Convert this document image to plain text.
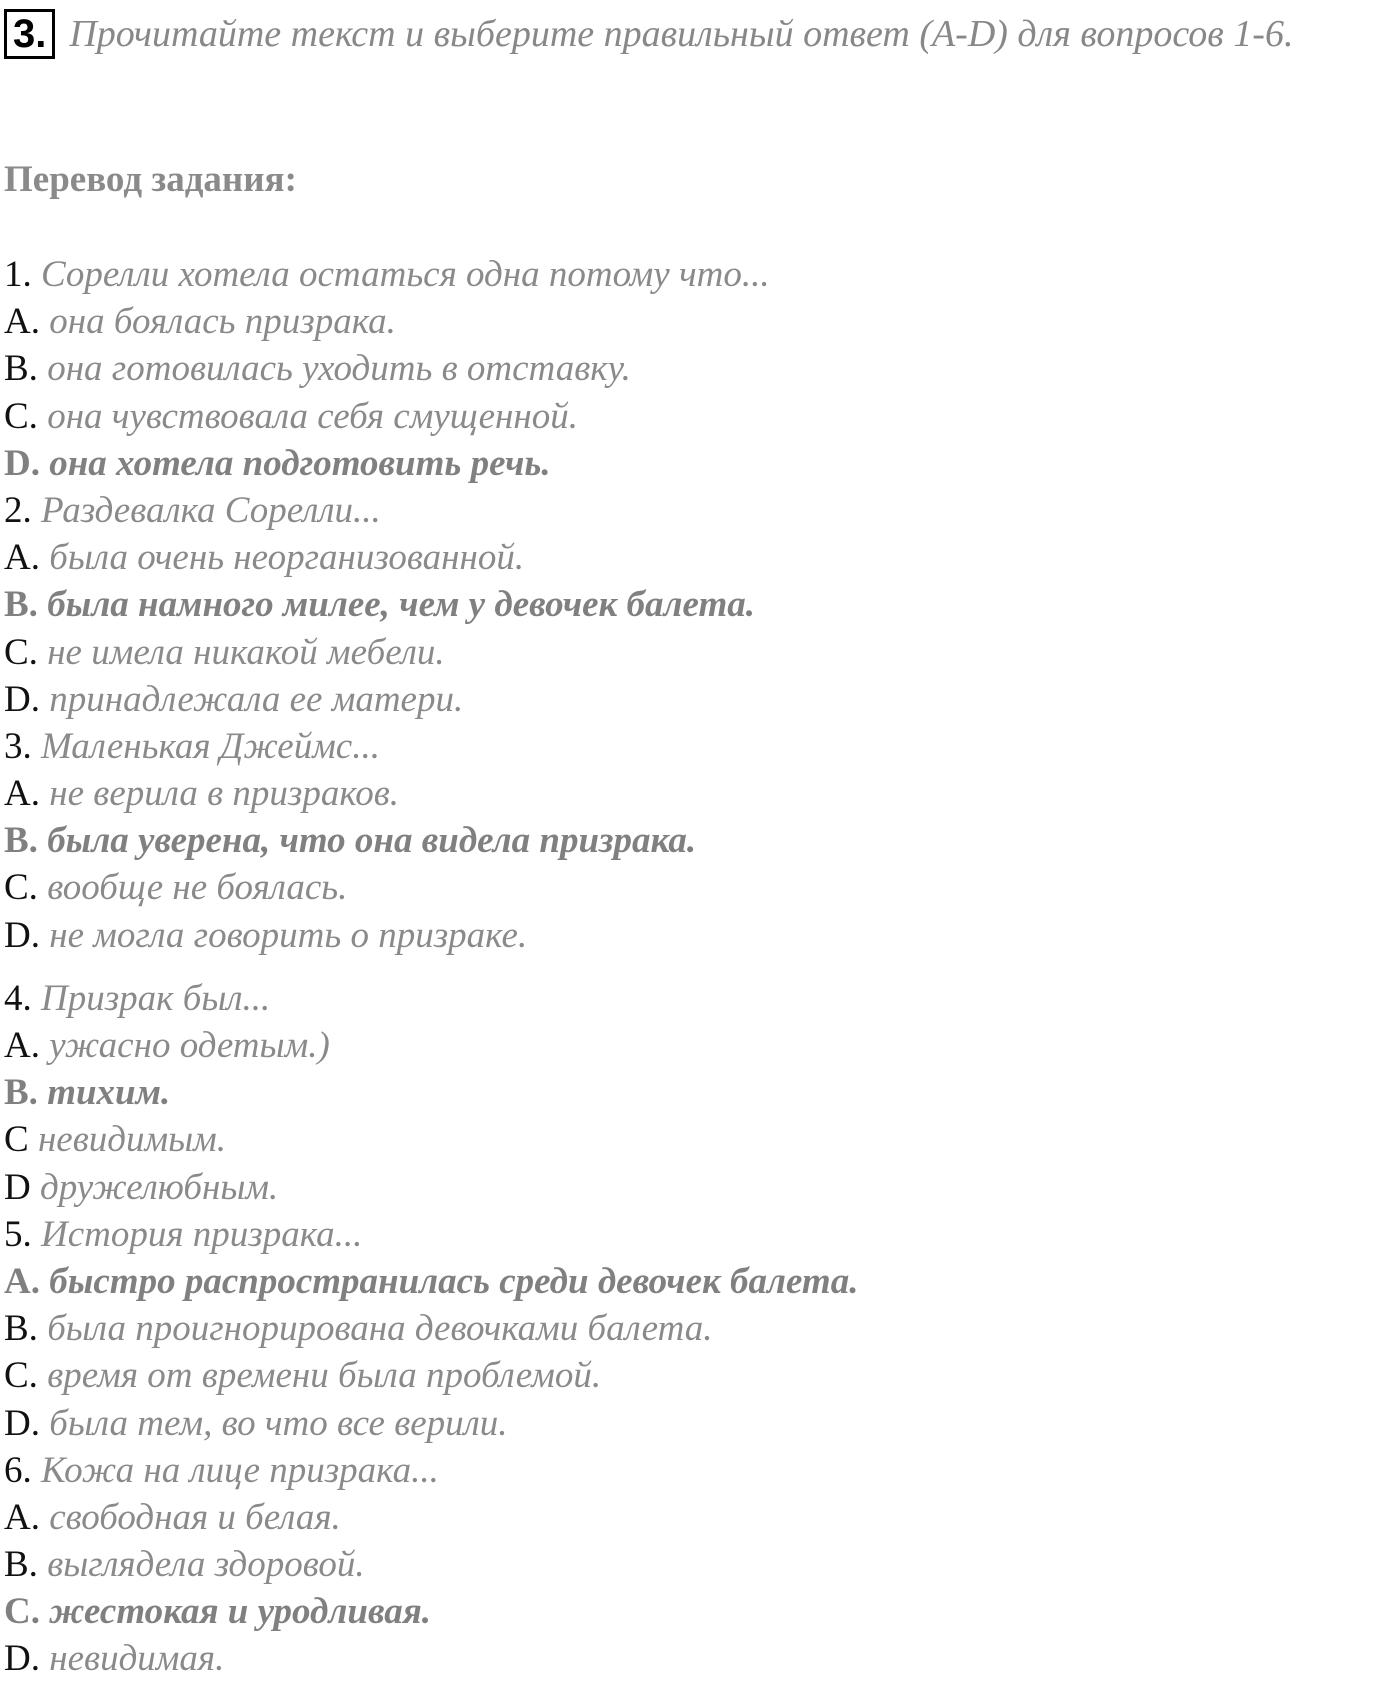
3. Прочитайте текст и выберите правильный ответ (A-D) для вопросов 1-6.
Перевод задания:
1. Сорелли хотела остаться одна потому что...
A. она боялась призрака.
B. она готовилась уходить в отставку.
C. она чувствовала себя смущенной.
D. она хотела подготовить речь.
2. Раздевалка Сорелли...
A. была очень неорганизованной.
B. была намного милее, чем у девочек балета.
C. не имела никакой мебели.
D. принадлежала ее матери.
3. Маленькая Джеймс...
A. не верила в призраков.
B. была уверена, что она видела призрака.
C. вообще не боялась.
D. не могла говорить о призраке.
4. Призрак был...
A. ужасно одетым.)
B. тихим.
C невидимым.
D дружелюбным.
5. История призрака...
A. быстро распространилась среди девочек балета.
B. была проигнорирована девочками балета.
C. время от времени была проблемой.
D. была тем, во что все верили.
6. Кожа на лице призрака...
A. свободная и белая.
B. выглядела здоровой.
C. жестокая и уродливая.
D. невидимая.
